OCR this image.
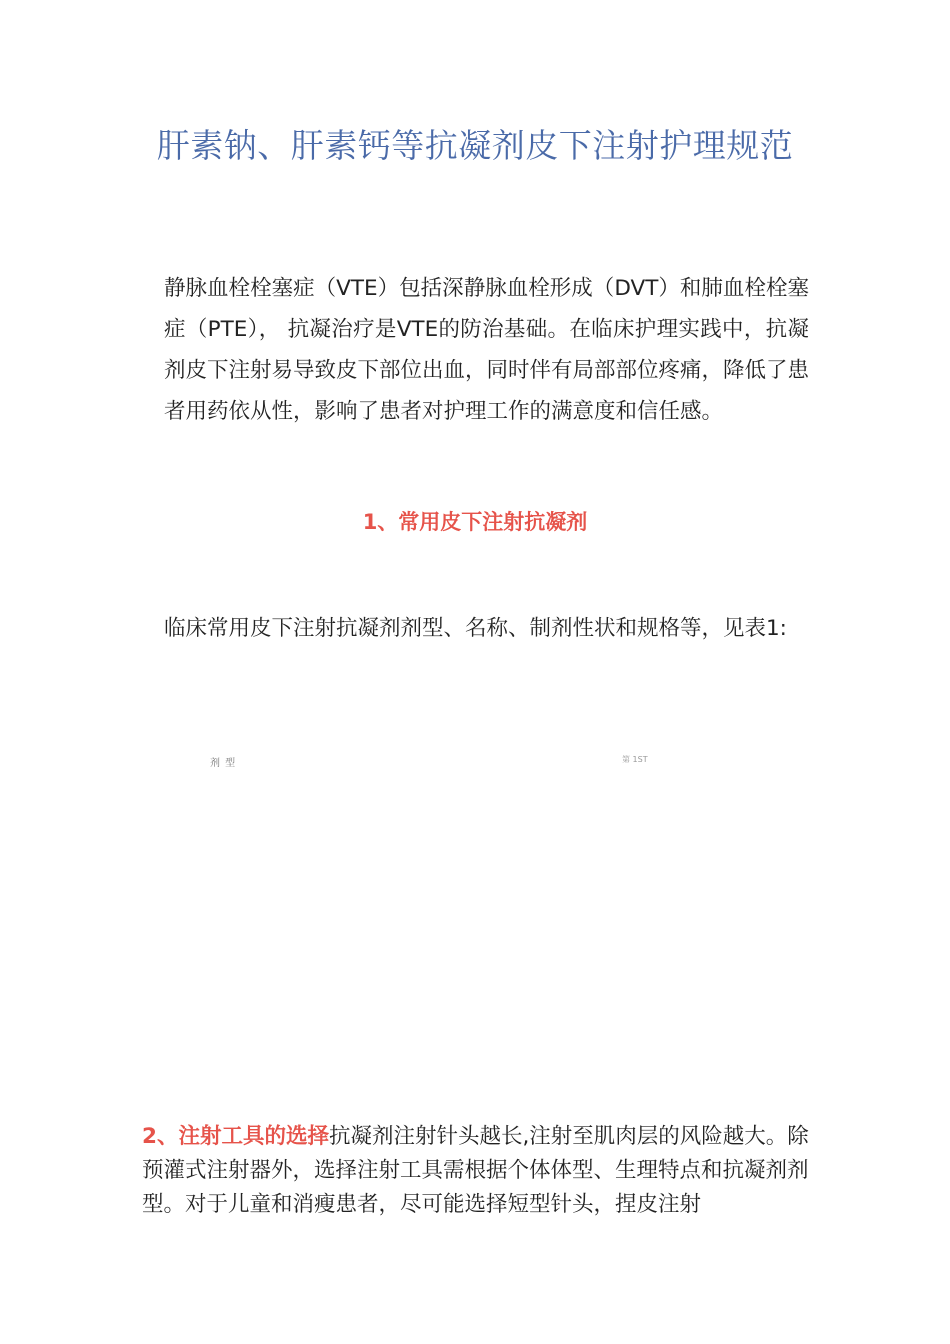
肝素钠、肝素钙等抗凝剂皮下注射护理规范
静脉血栓栓塞症（VTE）包括深静脉血栓形成（DVT）和肺血栓栓塞症（PTE）， 抗凝治疗是VTE的防治基础。在临床护理实践中，抗凝剂皮下注射易导致皮下部位出血，同时伴有局部部位疼痛，降低了患者用药依从性，影响了患者对护理工作的满意度和信任感。
1、常用皮下注射抗凝剂
临床常用皮下注射抗凝剂剂型、名称、制剂性状和规格等，见表1:
剂 型	第 1ST
2、注射工具的选择抗凝剂注射针头越长,注射至肌肉层的风险越大。除预灌式注射器外，选择注射工具需根据个体体型、生理特点和抗凝剂剂型。对于儿童和消瘦患者，尽可能选择短型针头，捏皮注射
